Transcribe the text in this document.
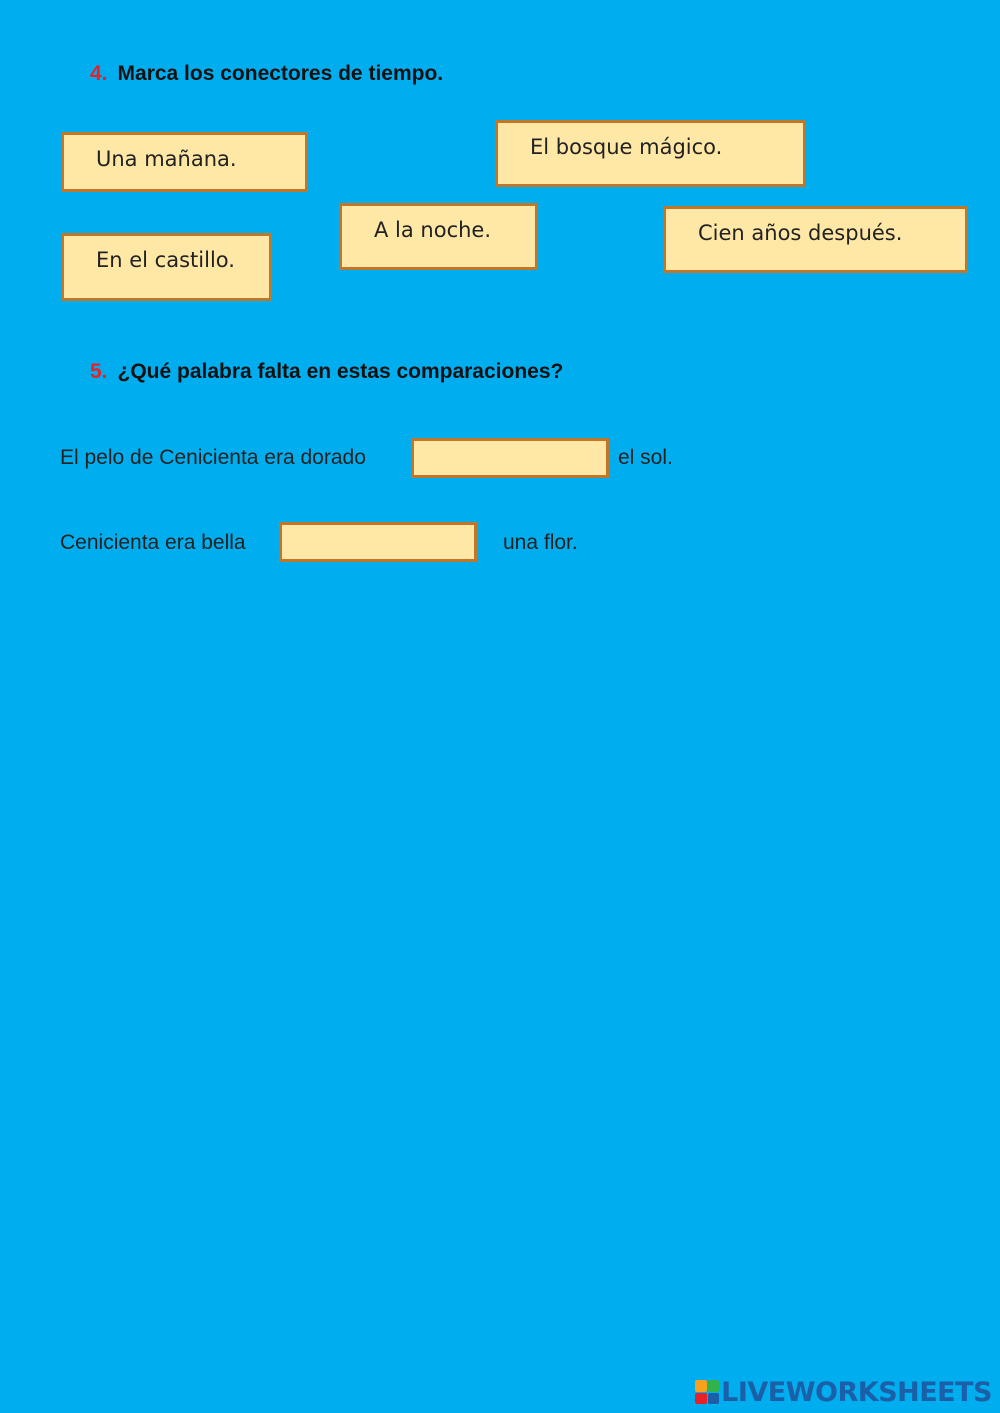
4. Marca los conectores de tiempo.
Una mañana.	El bosque mágico.
A la noche.	Cien años después.
En el castillo.
5. ¿Qué palabra falta en estas comparaciones?
El pelo de Cenicienta era dorado	el sol.
Cenicienta era bella	una flor.
LIVEWORKSHEETS
